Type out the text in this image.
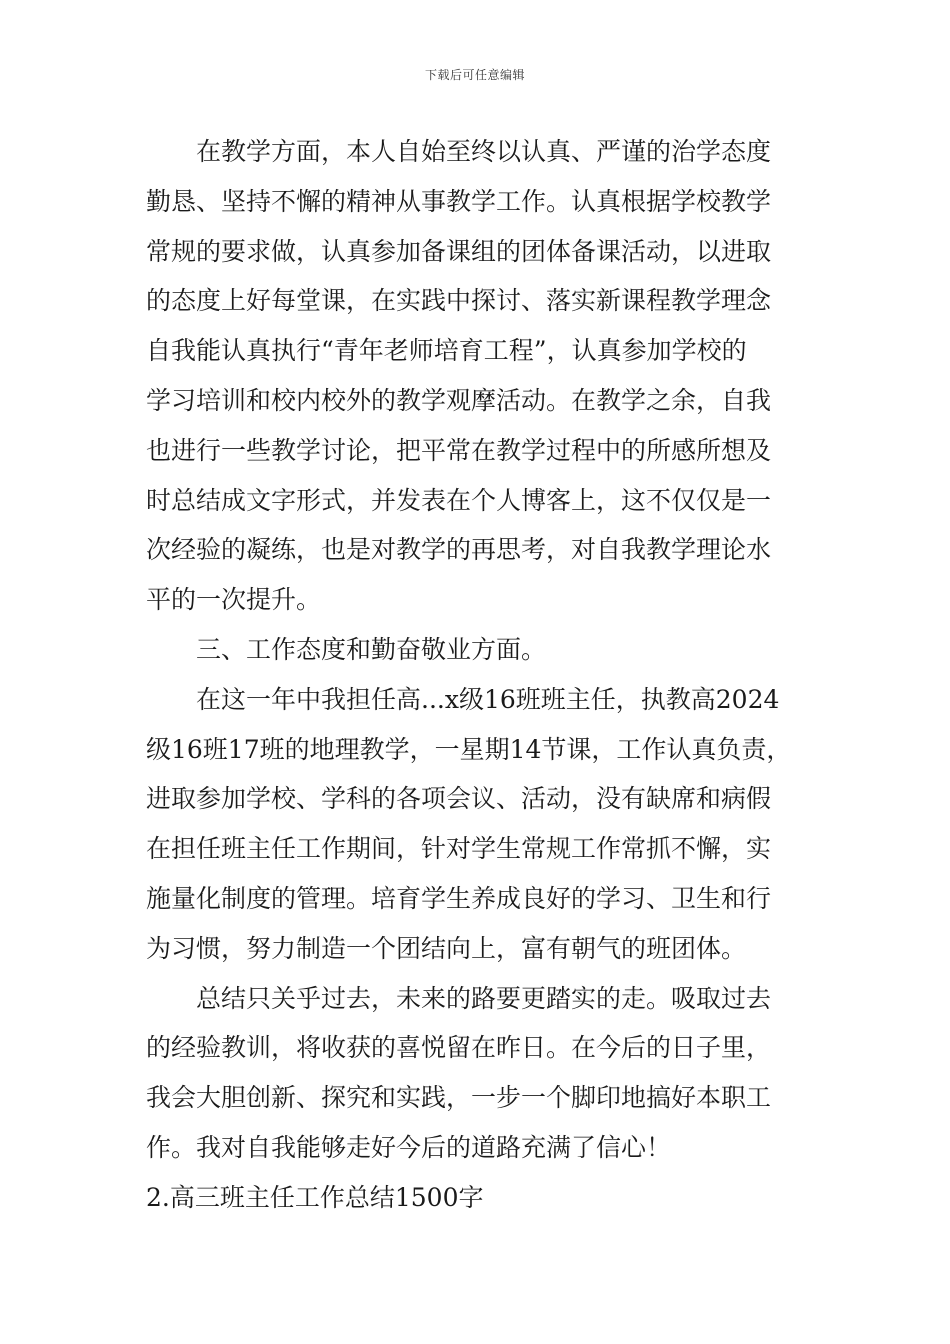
下载后可任意编辑
在教学方面，本人自始至终以认真、严谨的治学态度
勤恳、坚持不懈的精神从事教学工作。认真根据学校教学
常规的要求做，认真参加备课组的团体备课活动，以进取
的态度上好每堂课，在实践中探讨、落实新课程教学理念
自我能认真执行“青年老师培育工程”，认真参加学校的
学习培训和校内校外的教学观摩活动。在教学之余，自我
也进行一些教学讨论，把平常在教学过程中的所感所想及
时总结成文字形式，并发表在个人博客上，这不仅仅是一
次经验的凝练，也是对教学的再思考，对自我教学理论水
平的一次提升。
三、工作态度和勤奋敬业方面。
在这一年中我担任高...x级16班班主任，执教高2024
级16班17班的地理教学，一星期14节课，工作认真负责，
进取参加学校、学科的各项会议、活动，没有缺席和病假
在担任班主任工作期间，针对学生常规工作常抓不懈，实
施量化制度的管理。培育学生养成良好的学习、卫生和行
为习惯，努力制造一个团结向上，富有朝气的班团体。
总结只关乎过去，未来的路要更踏实的走。吸取过去
的经验教训，将收获的喜悦留在昨日。在今后的日子里，
我会大胆创新、探究和实践，一步一个脚印地搞好本职工
作。我对自我能够走好今后的道路充满了信心！
2.高三班主任工作总结1500字
